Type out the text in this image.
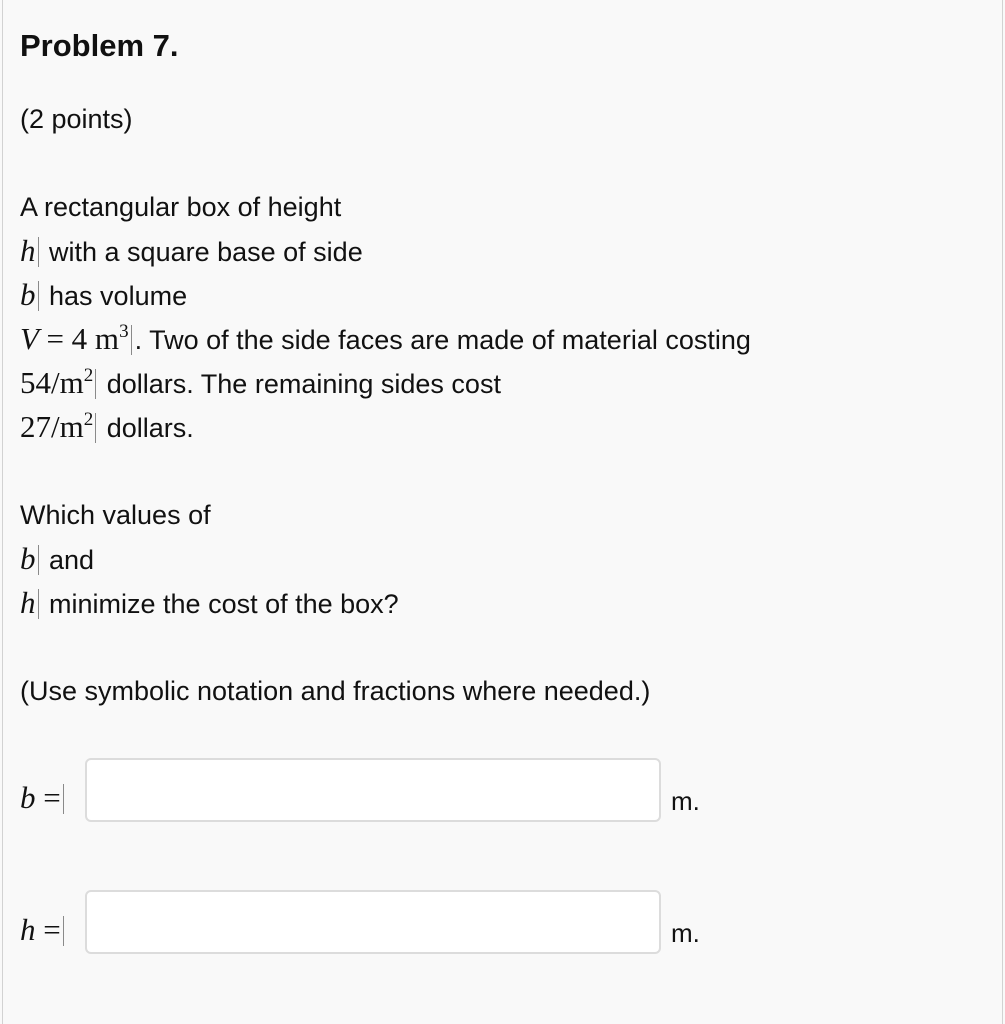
Problem 7.
(2 points)
A rectangular box of height
h with a square base of side
b has volume
V = 4 $m^3$ . Two of the side faces are made of material costing
$54/m^2$ dollars. The remaining sides cost
$27/m^2$ dollars.
Which values of
b and
h minimize the cost of the box?
(Use symbolic notation and fractions where needed.)
b =	m.
h =	m.
